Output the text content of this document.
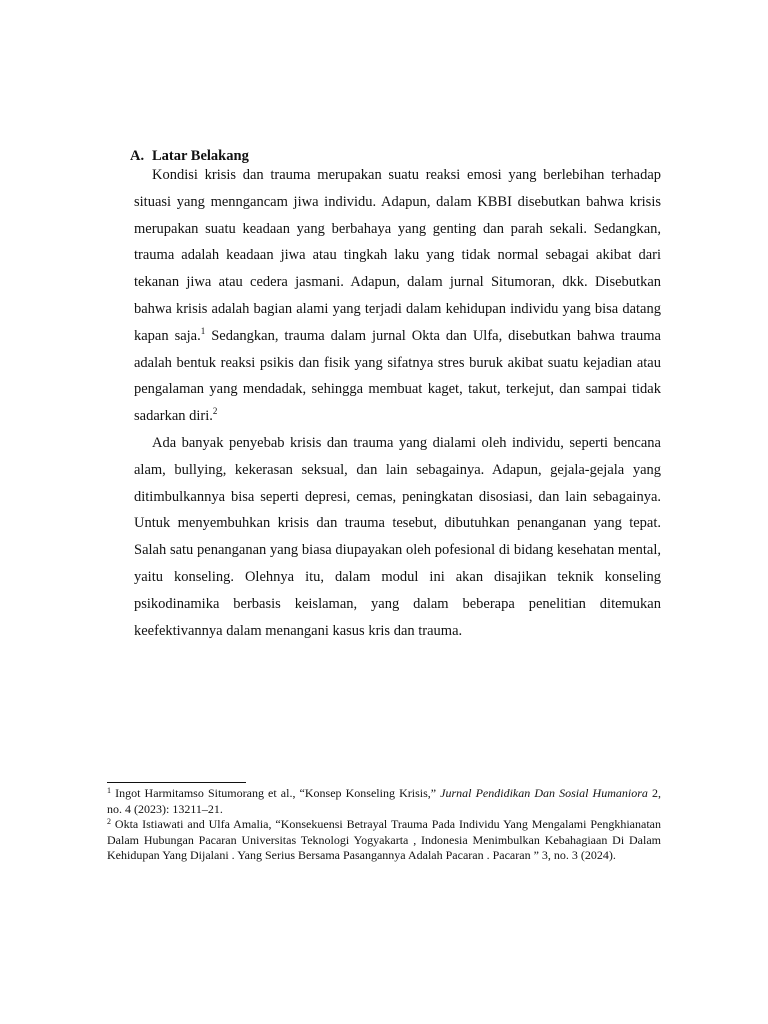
A. Latar Belakang

Kondisi krisis dan trauma merupakan suatu reaksi emosi yang berlebihan terhadap situasi yang menngancam jiwa individu. Adapun, dalam KBBI disebutkan bahwa krisis merupakan suatu keadaan yang berbahaya yang genting dan parah sekali. Sedangkan, trauma adalah keadaan jiwa atau tingkah laku yang tidak normal sebagai akibat dari tekanan jiwa atau cedera jasmani. Adapun, dalam jurnal Situmoran, dkk. Disebutkan bahwa krisis adalah bagian alami yang terjadi dalam kehidupan individu yang bisa datang kapan saja.$^1$ Sedangkan, trauma dalam jurnal Okta dan Ulfa, disebutkan bahwa trauma adalah bentuk reaksi psikis dan fisik yang sifatnya stres buruk akibat suatu kejadian atau pengalaman yang mendadak, sehingga membuat kaget, takut, terkejut, dan sampai tidak sadarkan diri.$^2$

Ada banyak penyebab krisis dan trauma yang dialami oleh individu, seperti bencana alam, bullying, kekerasan seksual, dan lain sebagainya. Adapun, gejala-gejala yang ditimbulkannya bisa seperti depresi, cemas, peningkatan disosiasi, dan lain sebagainya. Untuk menyembuhkan krisis dan trauma tesebut, dibutuhkan penanganan yang tepat. Salah satu penanganan yang biasa diupayakan oleh pofesional di bidang kesehatan mental, yaitu konseling. Olehnya itu, dalam modul ini akan disajikan teknik konseling psikodinamika berbasis keislaman, yang dalam beberapa penelitian ditemukan keefektivannya dalam menangani kasus kris dan trauma.

$^1$ Ingot Harmitamso Situmorang et al., “Konsep Konseling Krisis,” Jurnal Pendidikan Dan Sosial Humaniora 2, no. 4 (2023): 13211–21.

$^2$ Okta Istiawati and Ulfa Amalia, “Konsekuensi Betrayal Trauma Pada Individu Yang Mengalami Pengkhianatan Dalam Hubungan Pacaran Universitas Teknologi Yogyakarta , Indonesia Menimbulkan Kebahagiaan Di Dalam Kehidupan Yang Dijalani . Yang Serius Bersama Pasangannya Adalah Pacaran . Pacaran ” 3, no. 3 (2024).
